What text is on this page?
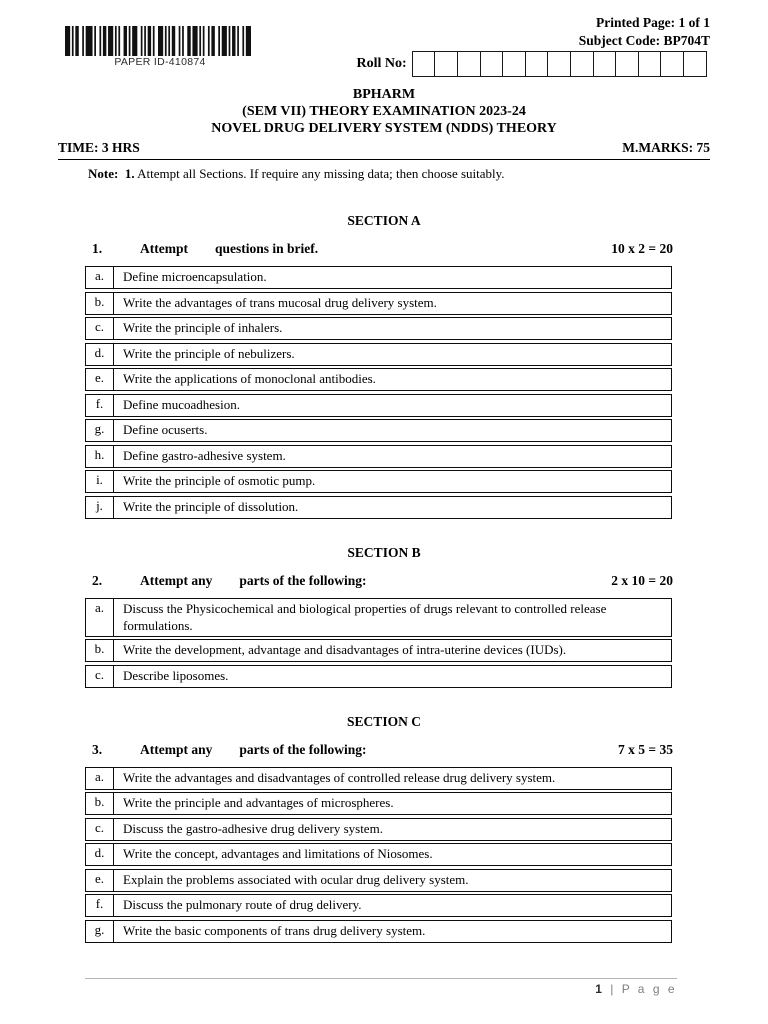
PAPER ID-410874
Printed Page: 1 of 1
Subject Code: BP704T
Roll No:
BPHARM
(SEM VII) THEORY EXAMINATION 2023-24
NOVEL DRUG DELIVERY SYSTEM (NDDS) THEORY
TIME: 3 HRS	M.MARKS: 75
Note: 1. Attempt all Sections. If require any missing data; then choose suitably.
SECTION A
1.	Attempt questions in brief.	10 x 2 = 20
a.	Define microencapsulation.
b.	Write the advantages of trans mucosal drug delivery system.
c.	Write the principle of inhalers.
d.	Write the principle of nebulizers.
e.	Write the applications of monoclonal antibodies.
f.	Define mucoadhesion.
g.	Define ocuserts.
h.	Define gastro-adhesive system.
i.	Write the principle of osmotic pump.
j.	Write the principle of dissolution.
SECTION B
2.	Attempt any parts of the following:	2 x 10 = 20
a.	Discuss the Physicochemical and biological properties of drugs relevant to controlled release formulations.
b.	Write the development, advantage and disadvantages of intra-uterine devices (IUDs).
c.	Describe liposomes.
SECTION C
3.	Attempt any parts of the following:	7 x 5 = 35
a.	Write the advantages and disadvantages of controlled release drug delivery system.
b.	Write the principle and advantages of microspheres.
c.	Discuss the gastro-adhesive drug delivery system.
d.	Write the concept, advantages and limitations of Niosomes.
e.	Explain the problems associated with ocular drug delivery system.
f.	Discuss the pulmonary route of drug delivery.
g.	Write the basic components of trans drug delivery system.
1 | P a g e
